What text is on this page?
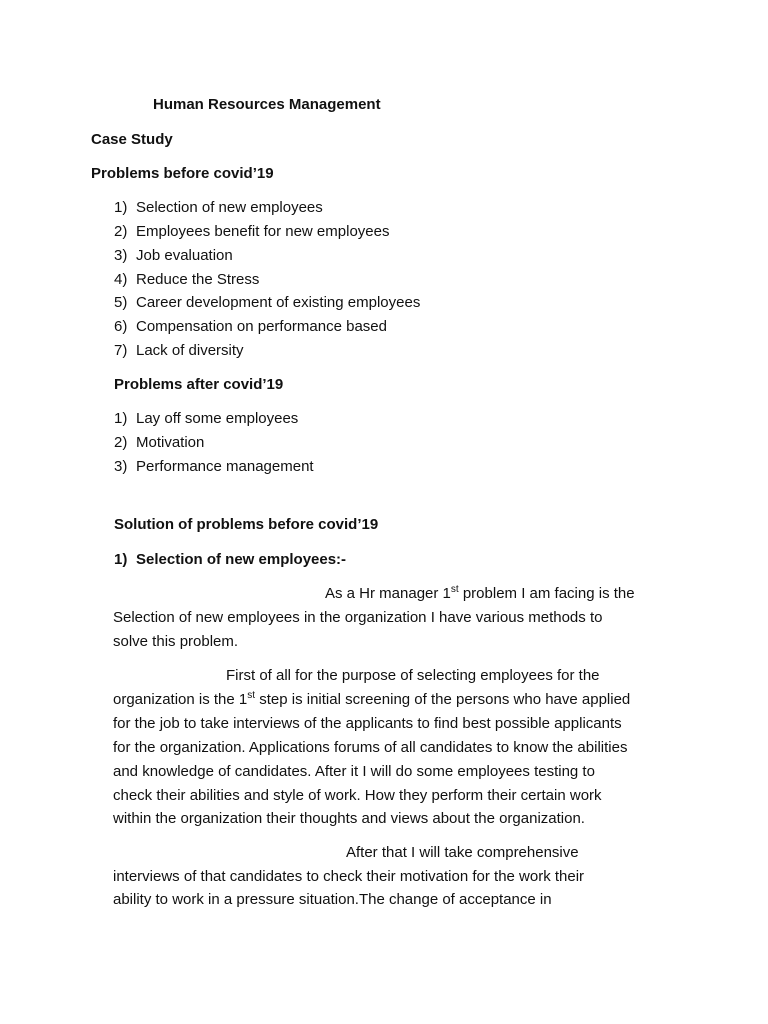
Human Resources Management
Case Study
Problems before covid’19
1) Selection of new employees
2) Employees benefit for new employees
3) Job evaluation
4) Reduce the Stress
5) Career development of existing employees
6) Compensation on performance based
7) Lack of diversity
Problems after covid’19
1) Lay off some employees
2) Motivation
3) Performance management
Solution of problems before covid’19
1) Selection of new employees:-
As a Hr manager 1st problem I am facing is the
Selection of new employees in the organization I have various methods to
solve this problem.
First of all for the purpose of selecting employees for the
organization is the 1st step is initial screening of the persons who have applied
for the job to take interviews of the applicants to find best possible applicants
for the organization. Applications forums of all candidates to know the abilities
and knowledge of candidates. After it I will do some employees testing to
check their abilities and style of work. How they perform their certain work
within the organization their thoughts and views about the organization.
After that I will take comprehensive
interviews of that candidates to check their motivation for the work their
ability to work in a pressure situation.The change of acceptance in
